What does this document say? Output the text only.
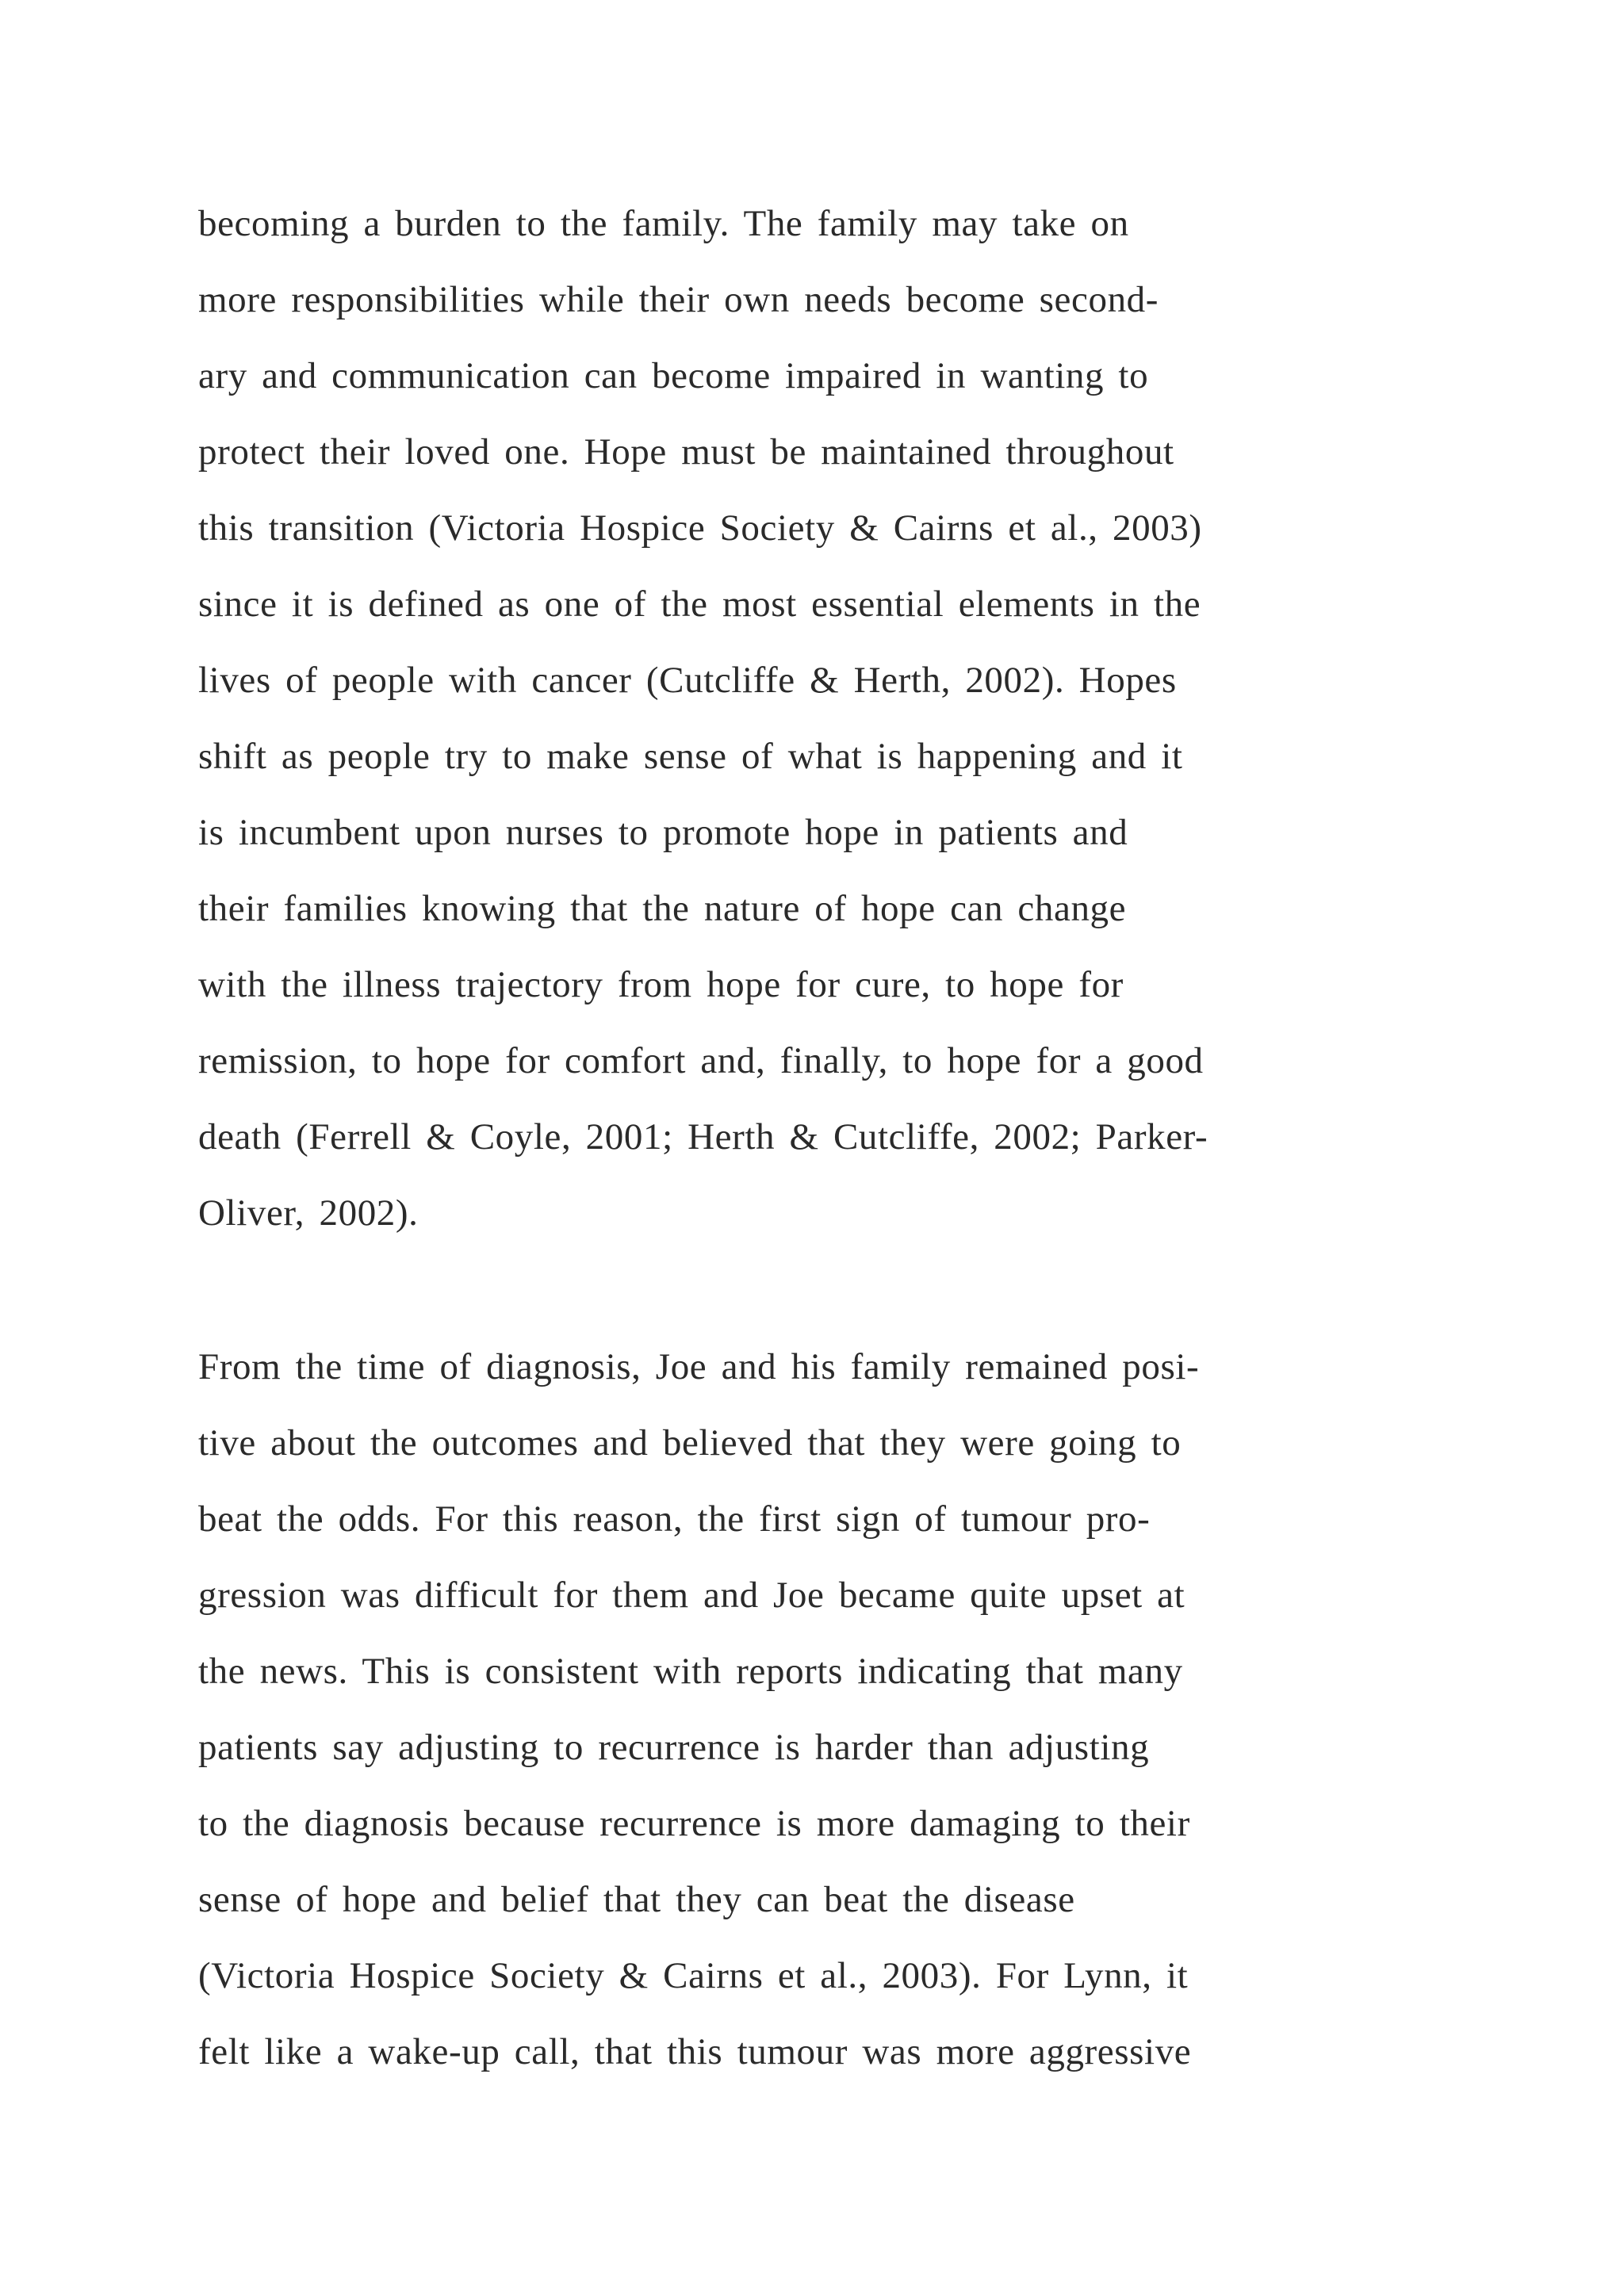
becoming a burden to the family. The family may take on
more responsibilities while their own needs become second-
ary and communication can become impaired in wanting to
protect their loved one. Hope must be maintained throughout
this transition (Victoria Hospice Society & Cairns et al., 2003)
since it is defined as one of the most essential elements in the
lives of people with cancer (Cutcliffe & Herth, 2002). Hopes
shift as people try to make sense of what is happening and it
is incumbent upon nurses to promote hope in patients and
their families knowing that the nature of hope can change
with the illness trajectory from hope for cure, to hope for
remission, to hope for comfort and, finally, to hope for a good
death (Ferrell & Coyle, 2001; Herth & Cutcliffe, 2002; Parker-
Oliver, 2002).
From the time of diagnosis, Joe and his family remained posi-
tive about the outcomes and believed that they were going to
beat the odds. For this reason, the first sign of tumour pro-
gression was difficult for them and Joe became quite upset at
the news. This is consistent with reports indicating that many
patients say adjusting to recurrence is harder than adjusting
to the diagnosis because recurrence is more damaging to their
sense of hope and belief that they can beat the disease
(Victoria Hospice Society & Cairns et al., 2003). For Lynn, it
felt like a wake-up call, that this tumour was more aggressive
